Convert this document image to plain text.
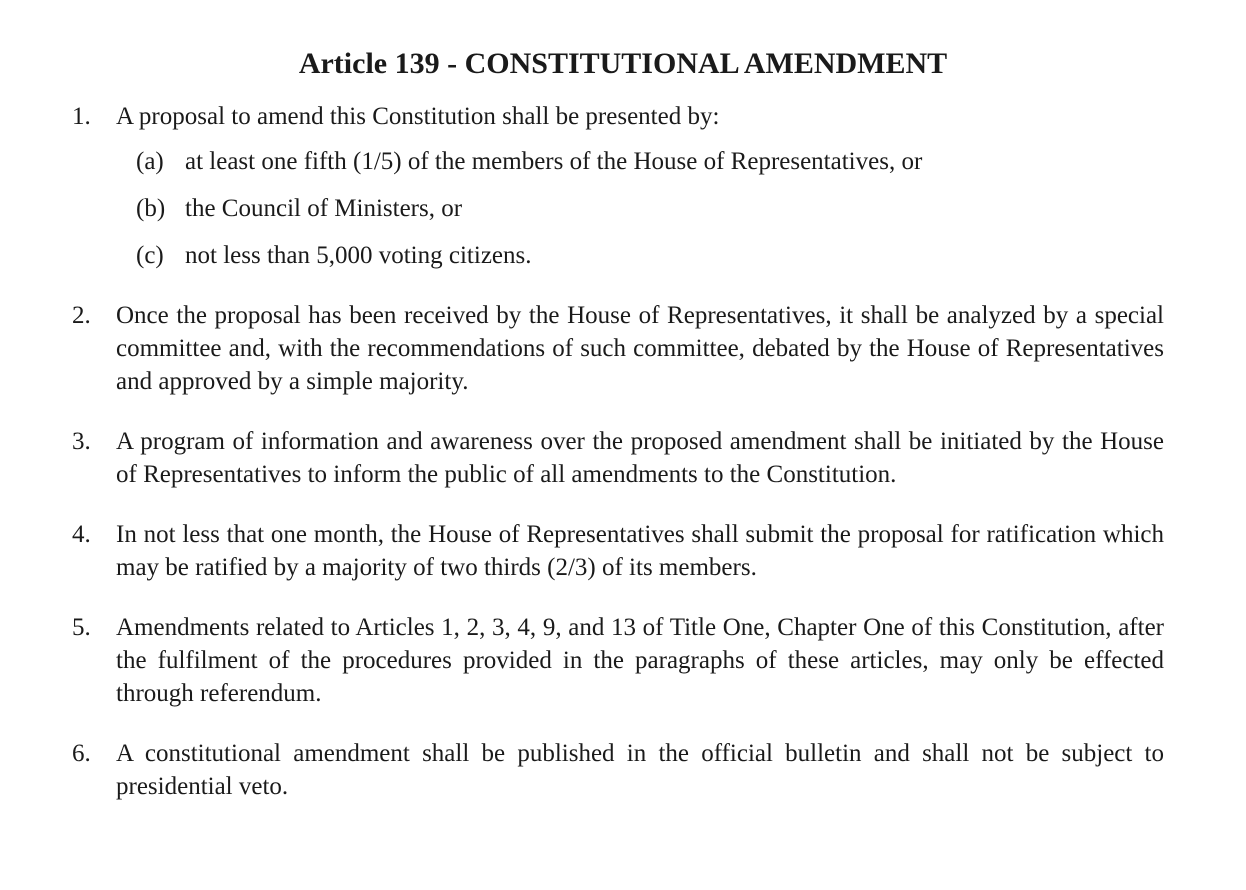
Article 139 - CONSTITUTIONAL AMENDMENT
1. A proposal to amend this Constitution shall be presented by:
(a) at least one fifth (1/5) of the members of the House of Representatives, or
(b) the Council of Ministers, or
(c) not less than 5,000 voting citizens.
2. Once the proposal has been received by the House of Representatives, it shall be analyzed by a special committee and, with the recommendations of such committee, debated by the House of Representatives and approved by a simple majority.
3. A program of information and awareness over the proposed amendment shall be initiated by the House of Representatives to inform the public of all amendments to the Constitution.
4. In not less that one month, the House of Representatives shall submit the proposal for ratification which may be ratified by a majority of two thirds (2/3) of its members.
5. Amendments related to Articles 1, 2, 3, 4, 9, and 13 of Title One, Chapter One of this Constitution, after the fulfilment of the procedures provided in the paragraphs of these articles, may only be effected through referendum.
6. A constitutional amendment shall be published in the official bulletin and shall not be subject to presidential veto.
